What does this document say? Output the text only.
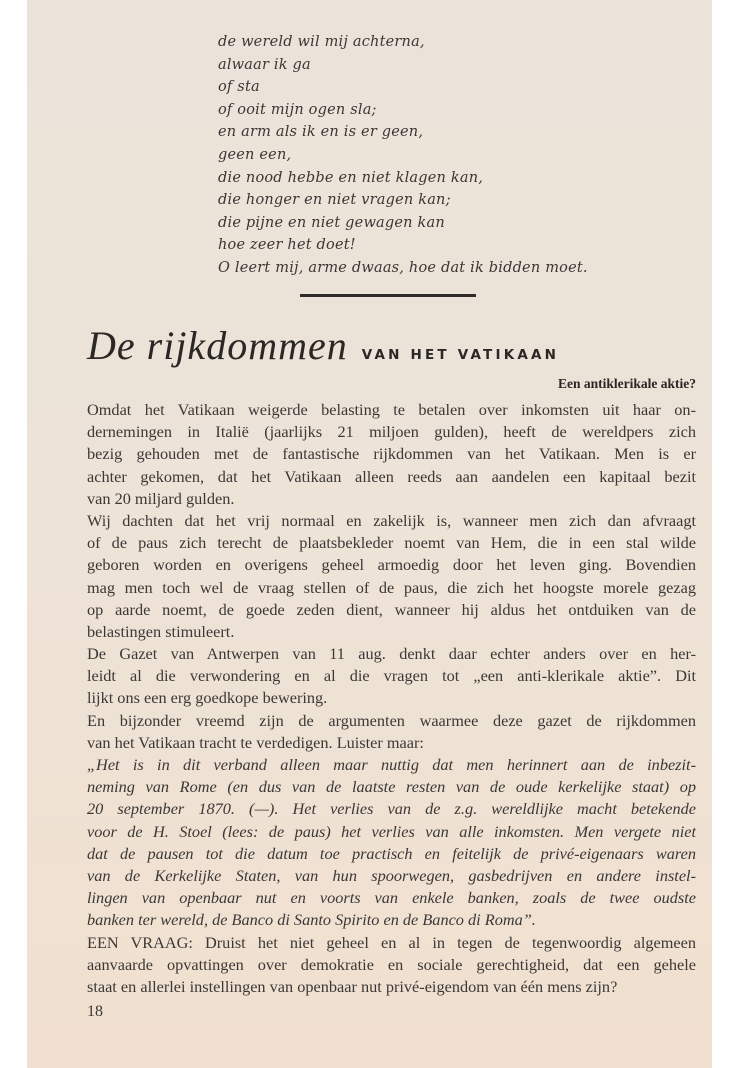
de wereld wil mij achterna,
alwaar ik ga
of sta
of ooit mijn ogen sla;
en arm als ik en is er geen,
geen een,
die nood hebbe en niet klagen kan,
die honger en niet vragen kan;
die pijne en niet gewagen kan
hoe zeer het doet!
O leert mij, arme dwaas, hoe dat ik bidden moet.
De rijkdommen VAN HET VATIKAAN
Een antiklerikale aktie?
Omdat het Vatikaan weigerde belasting te betalen over inkomsten uit haar on-
dernemingen in Italië (jaarlijks 21 miljoen gulden), heeft de wereldpers zich
bezig gehouden met de fantastische rijkdommen van het Vatikaan. Men is er
achter gekomen, dat het Vatikaan alleen reeds aan aandelen een kapitaal bezit
van 20 miljard gulden.
Wij dachten dat het vrij normaal en zakelijk is, wanneer men zich dan afvraagt
of de paus zich terecht de plaatsbekleder noemt van Hem, die in een stal wilde
geboren worden en overigens geheel armoedig door het leven ging. Bovendien
mag men toch wel de vraag stellen of de paus, die zich het hoogste morele gezag
op aarde noemt, de goede zeden dient, wanneer hij aldus het ontduiken van de
belastingen stimuleert.
De Gazet van Antwerpen van 11 aug. denkt daar echter anders over en her-
leidt al die verwondering en al die vragen tot „een anti-klerikale aktie”. Dit
lijkt ons een erg goedkope bewering.
En bijzonder vreemd zijn de argumenten waarmee deze gazet de rijkdommen
van het Vatikaan tracht te verdedigen. Luister maar:
„Het is in dit verband alleen maar nuttig dat men herinnert aan de inbezit-
neming van Rome (en dus van de laatste resten van de oude kerkelijke staat) op
20 september 1870. (—). Het verlies van de z.g. wereldlijke macht betekende
voor de H. Stoel (lees: de paus) het verlies van alle inkomsten. Men vergete niet
dat de pausen tot die datum toe practisch en feitelijk de privé-eigenaars waren
van de Kerkelijke Staten, van hun spoorwegen, gasbedrijven en andere instel-
lingen van openbaar nut en voorts van enkele banken, zoals de twee oudste
banken ter wereld, de Banco di Santo Spirito en de Banco di Roma”.
EEN VRAAG: Druist het niet geheel en al in tegen de tegenwoordig algemeen
aanvaarde opvattingen over demokratie en sociale gerechtigheid, dat een gehele
staat en allerlei instellingen van openbaar nut privé-eigendom van één mens zijn?
18
